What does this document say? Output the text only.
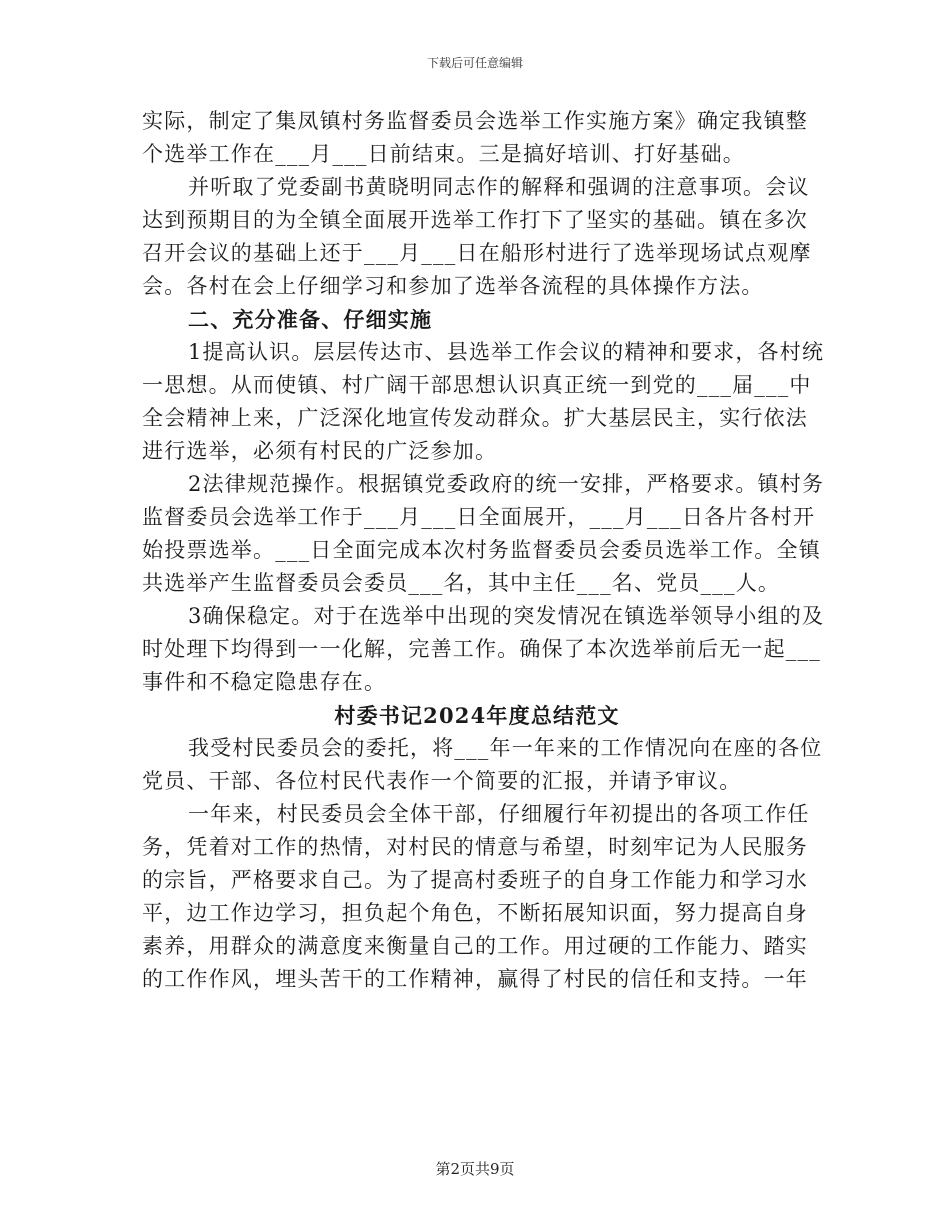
下载后可任意编辑
实际，制定了集凤镇村务监督委员会选举工作实施方案》确定我镇整
个选举工作在___月___日前结束。三是搞好培训、打好基础。
并听取了党委副书黄晓明同志作的解释和强调的注意事项。会议
达到预期目的为全镇全面展开选举工作打下了坚实的基础。镇在多次
召开会议的基础上还于___月___日在船形村进行了选举现场试点观摩
会。各村在会上仔细学习和参加了选举各流程的具体操作方法。
二、充分准备、仔细实施
1提高认识。层层传达市、县选举工作会议的精神和要求，各村统
一思想。从而使镇、村广阔干部思想认识真正统一到党的___届___中
全会精神上来，广泛深化地宣传发动群众。扩大基层民主，实行依法
进行选举，必须有村民的广泛参加。
2法律规范操作。根据镇党委政府的统一安排，严格要求。镇村务
监督委员会选举工作于___月___日全面展开，___月___日各片各村开
始投票选举。___日全面完成本次村务监督委员会委员选举工作。全镇
共选举产生监督委员会委员___名，其中主任___名、党员___人。
3确保稳定。对于在选举中出现的突发情况在镇选举领导小组的及
时处理下均得到一一化解，完善工作。确保了本次选举前后无一起___
事件和不稳定隐患存在。
村委书记2024年度总结范文
我受村民委员会的委托，将___年一年来的工作情况向在座的各位
党员、干部、各位村民代表作一个简要的汇报，并请予审议。
一年来，村民委员会全体干部，仔细履行年初提出的各项工作任
务，凭着对工作的热情，对村民的情意与希望，时刻牢记为人民服务
的宗旨，严格要求自己。为了提高村委班子的自身工作能力和学习水
平，边工作边学习，担负起个角色，不断拓展知识面，努力提高自身
素养，用群众的满意度来衡量自己的工作。用过硬的工作能力、踏实
的工作作风，埋头苦干的工作精神，赢得了村民的信任和支持。一年
第2页共9页
